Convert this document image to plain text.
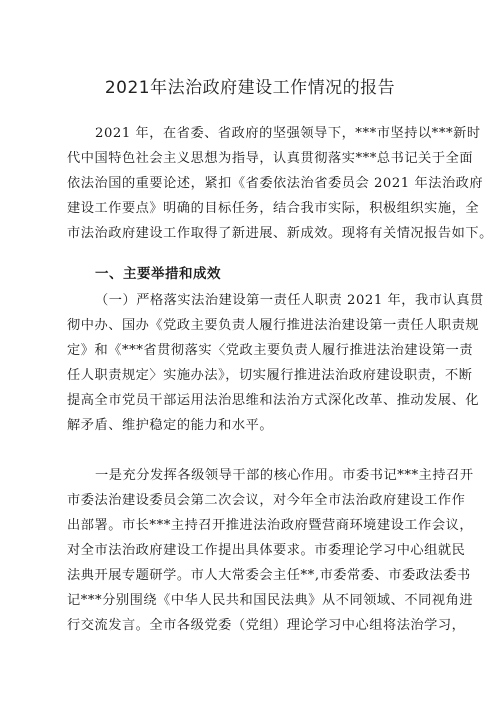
2021年法治政府建设工作情况的报告
2021 年，在省委、省政府的坚强领导下，***市坚持以***新时
代中国特色社会主义思想为指导，认真贯彻落实***总书记关于全面
依法治国的重要论述，紧扣《省委依法治省委员会 2021 年法治政府
建设工作要点》明确的目标任务，结合我市实际，积极组织实施，全
市法治政府建设工作取得了新进展、新成效。现将有关情况报告如下。
一、主要举措和成效
（一）严格落实法治建设第一责任人职责 2021 年，我市认真贯
彻中办、国办《党政主要负责人履行推进法治建设第一责任人职责规
定》和《***省贯彻落实〈党政主要负责人履行推进法治建设第一责
任人职责规定〉实施办法》，切实履行推进法治政府建设职责，不断
提高全市党员干部运用法治思维和法治方式深化改革、推动发展、化
解矛盾、维护稳定的能力和水平。
一是充分发挥各级领导干部的核心作用。市委书记***主持召开
市委法治建设委员会第二次会议，对今年全市法治政府建设工作作
出部署。市长***主持召开推进法治政府暨营商环境建设工作会议，
对全市法治政府建设工作提出具体要求。市委理论学习中心组就民
法典开展专题研学。市人大常委会主任**,市委常委、市委政法委书
记***分别围绕《中华人民共和国民法典》从不同领域、不同视角进
行交流发言。全市各级党委（党组）理论学习中心组将法治学习，
